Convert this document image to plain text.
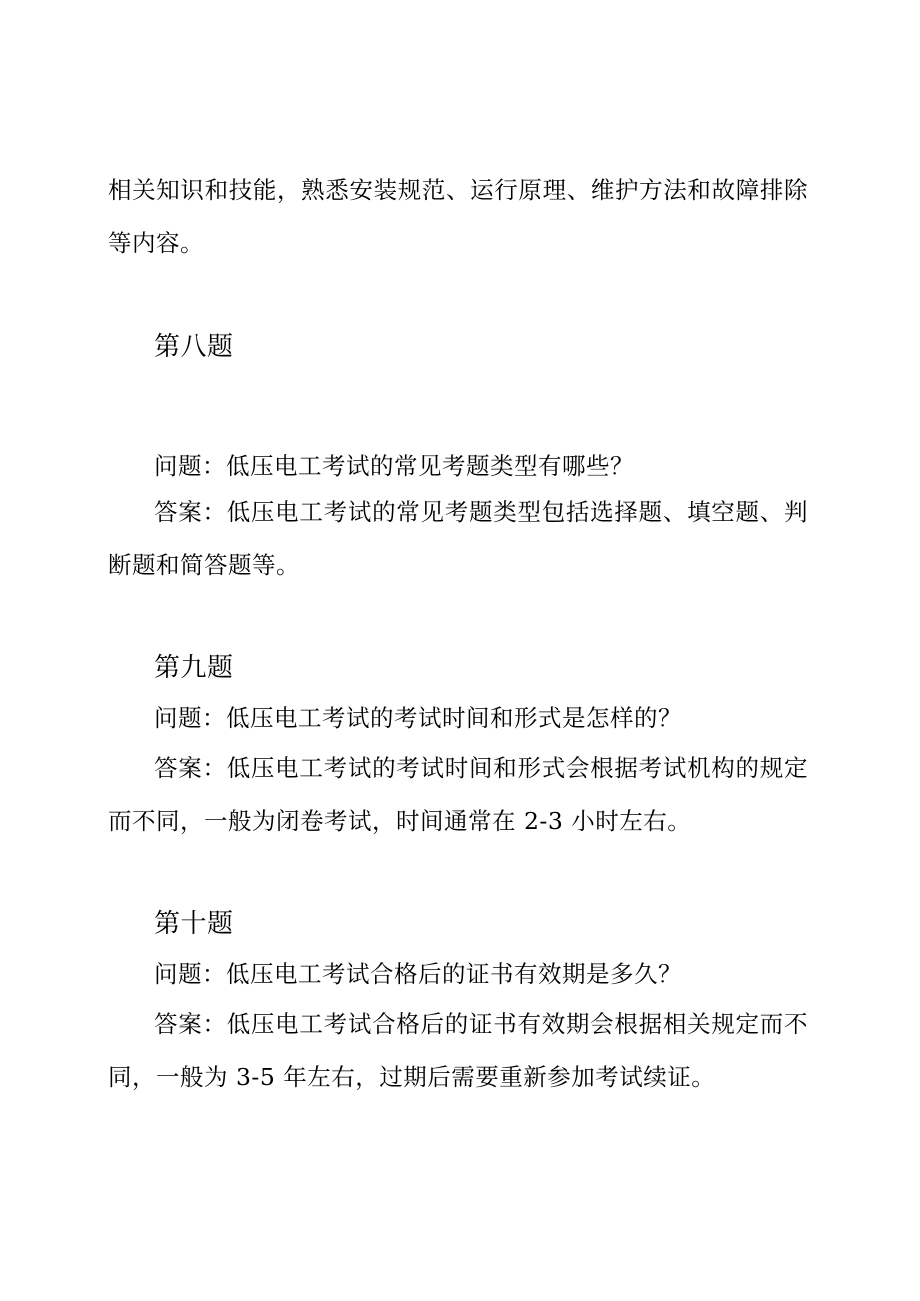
相关知识和技能，熟悉安装规范、运行原理、维护方法和故障排除等内容。

第八题

问题：低压电工考试的常见考题类型有哪些？

答案：低压电工考试的常见考题类型包括选择题、填空题、判断题和简答题等。

第九题

问题：低压电工考试的考试时间和形式是怎样的？

答案：低压电工考试的考试时间和形式会根据考试机构的规定而不同，一般为闭卷考试，时间通常在 2-3 小时左右。

第十题

问题：低压电工考试合格后的证书有效期是多久？

答案：低压电工考试合格后的证书有效期会根据相关规定而不同，一般为 3-5 年左右，过期后需要重新参加考试续证。
